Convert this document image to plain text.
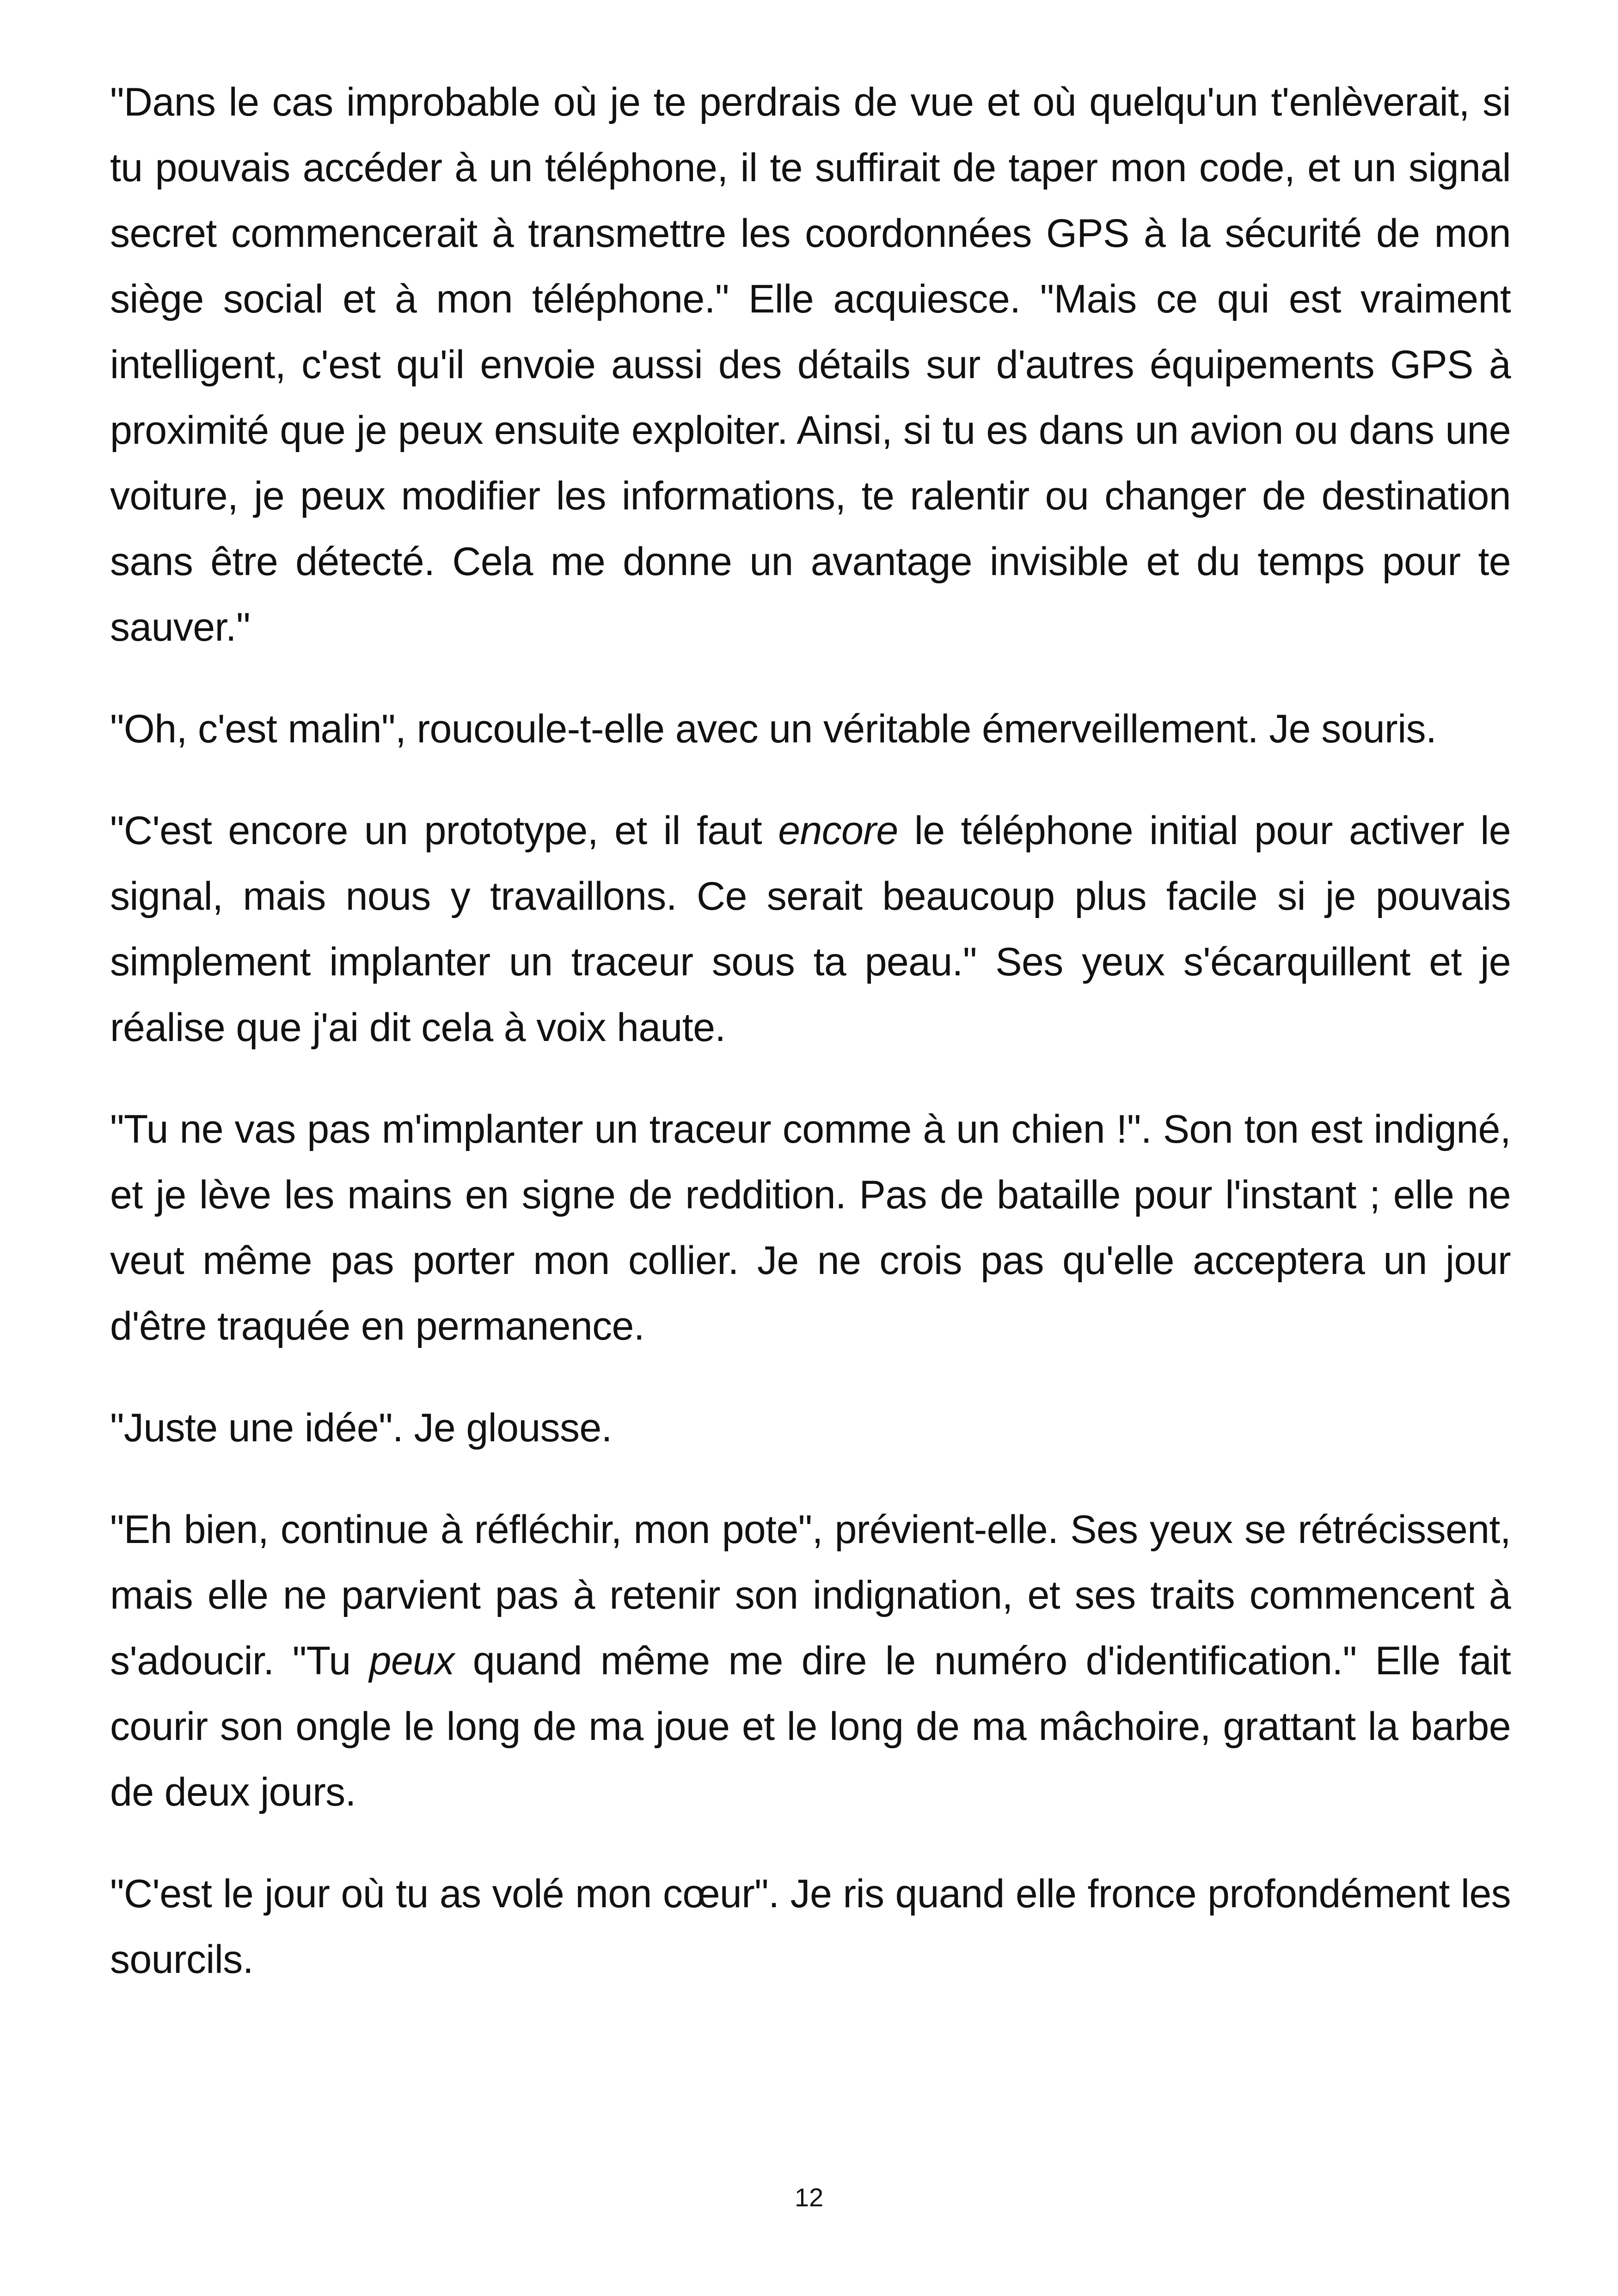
"Dans le cas improbable où je te perdrais de vue et où quelqu'un t'enlèverait, si tu pouvais accéder à un téléphone, il te suffirait de taper mon code, et un signal secret commencerait à transmettre les coordonnées GPS à la sécurité de mon siège social et à mon téléphone." Elle acquiesce. "Mais ce qui est vraiment intelligent, c'est qu'il envoie aussi des détails sur d'autres équipements GPS à proximité que je peux ensuite exploiter. Ainsi, si tu es dans un avion ou dans une voiture, je peux modifier les informations, te ralentir ou changer de destination sans être détecté. Cela me donne un avantage invisible et du temps pour te sauver."

"Oh, c'est malin", roucoule-t-elle avec un véritable émerveillement. Je souris.

"C'est encore un prototype, et il faut encore le téléphone initial pour activer le signal, mais nous y travaillons. Ce serait beaucoup plus facile si je pouvais simplement implanter un traceur sous ta peau." Ses yeux s'écarquillent et je réalise que j'ai dit cela à voix haute.

"Tu ne vas pas m'implanter un traceur comme à un chien !". Son ton est indigné, et je lève les mains en signe de reddition. Pas de bataille pour l'instant ; elle ne veut même pas porter mon collier. Je ne crois pas qu'elle acceptera un jour d'être traquée en permanence.

"Juste une idée". Je glousse.

"Eh bien, continue à réfléchir, mon pote", prévient-elle. Ses yeux se rétrécissent, mais elle ne parvient pas à retenir son indignation, et ses traits commencent à s'adoucir. "Tu peux quand même me dire le numéro d'identification." Elle fait courir son ongle le long de ma joue et le long de ma mâchoire, grattant la barbe de deux jours.

"C'est le jour où tu as volé mon cœur". Je ris quand elle fronce profondément les sourcils.

12
